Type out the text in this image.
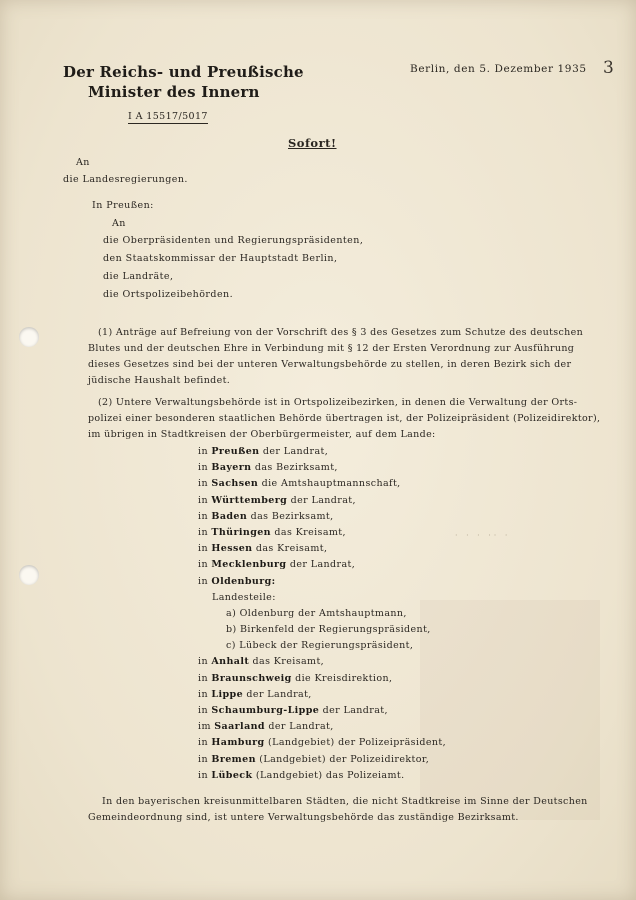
Der Reichs- und Preußische
Minister des Innern
Berlin, den 5. Dezember 1935 3
I A 15517/5017
Sofort!
An
die Landesregierungen.
In Preußen:
An
die Oberpräsidenten und Regierungspräsidenten,
den Staatskommissar der Hauptstadt Berlin,
die Landräte,
die Ortspolizeibehörden.
(1) Anträge auf Befreiung von der Vorschrift des § 3 des Gesetzes zum Schutze des deutschen
Blutes und der deutschen Ehre in Verbindung mit § 12 der Ersten Verordnung zur Ausführung
dieses Gesetzes sind bei der unteren Verwaltungsbehörde zu stellen, in deren Bezirk sich der
jüdische Haushalt befindet.
(2) Untere Verwaltungsbehörde ist in Ortspolizeibezirken, in denen die Verwaltung der Orts-
polizei einer besonderen staatlichen Behörde übertragen ist, der Polizeipräsident (Polizeidirektor),
im übrigen in Stadtkreisen der Oberbürgermeister, auf dem Lande:
in Preußen der Landrat,
in Bayern das Bezirksamt,
in Sachsen die Amtshauptmannschaft,
in Württemberg der Landrat,
in Baden das Bezirksamt,
in Thüringen das Kreisamt,
in Hessen das Kreisamt,
in Mecklenburg der Landrat,
in Oldenburg:
Landesteile:
a) Oldenburg der Amtshauptmann,
b) Birkenfeld der Regierungspräsident,
c) Lübeck der Regierungspräsident,
in Anhalt das Kreisamt,
in Braunschweig die Kreisdirektion,
in Lippe der Landrat,
in Schaumburg-Lippe der Landrat,
im Saarland der Landrat,
in Hamburg (Landgebiet) der Polizeipräsident,
in Bremen (Landgebiet) der Polizeidirektor,
in Lübeck (Landgebiet) das Polizeiamt.
· · · ·· ·
In den bayerischen kreisunmittelbaren Städten, die nicht Stadtkreise im Sinne der Deutschen
Gemeindeordnung sind, ist untere Verwaltungsbehörde das zuständige Bezirksamt.
